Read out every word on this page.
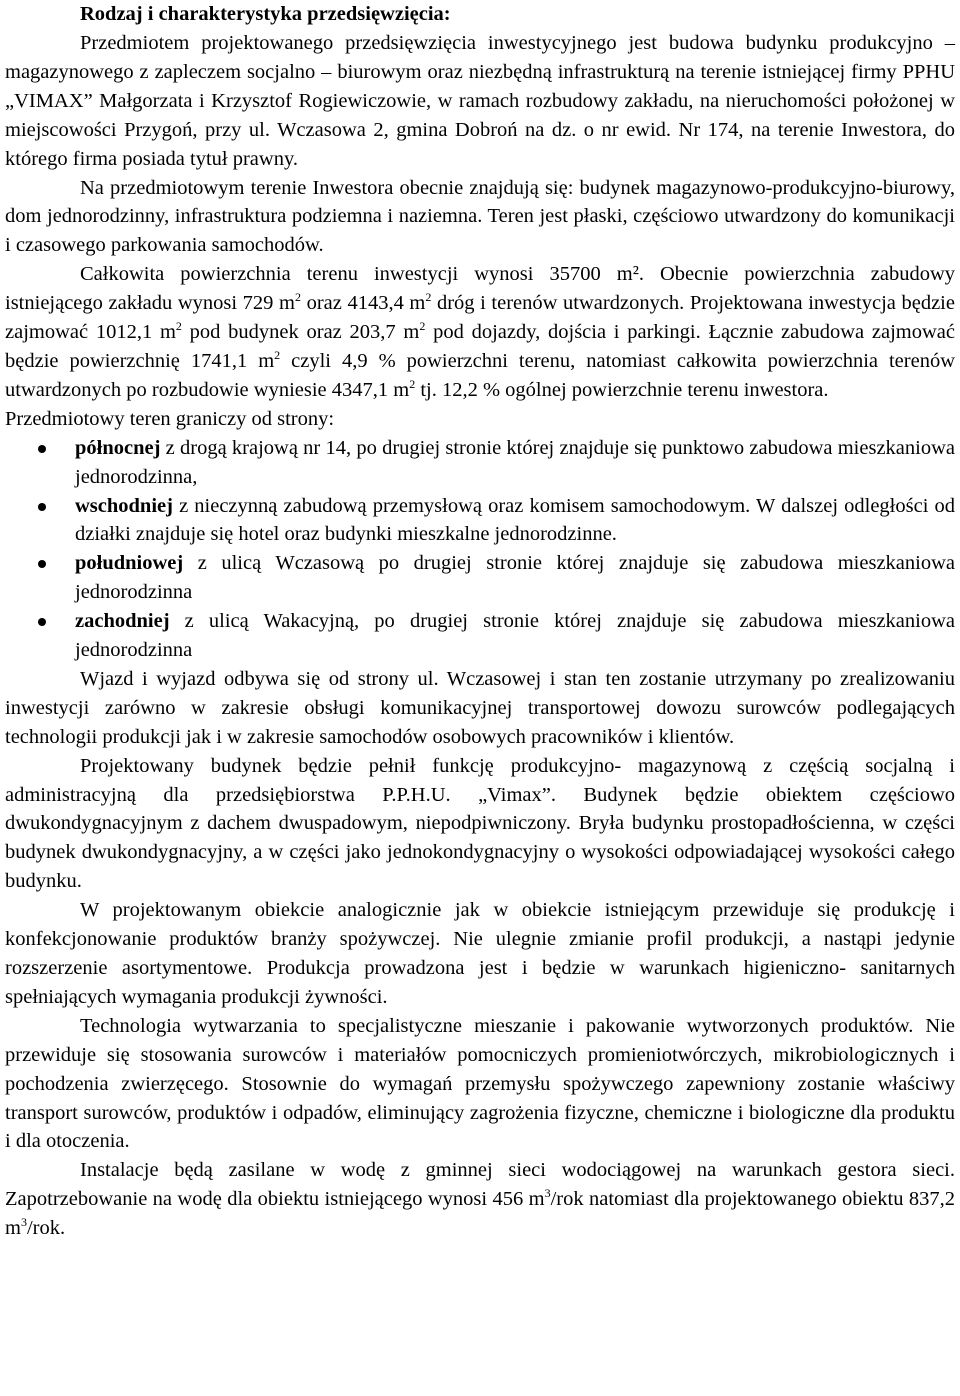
Rodzaj i charakterystyka przedsięwzięcia:

Przedmiotem projektowanego przedsięwzięcia inwestycyjnego jest budowa budynku produkcyjno – magazynowego z zapleczem socjalno – biurowym oraz niezbędną infrastrukturą na terenie istniejącej firmy PPHU „VIMAX” Małgorzata i Krzysztof Rogiewiczowie, w ramach rozbudowy zakładu, na nieruchomości położonej w miejscowości Przygoń, przy ul. Wczasowa 2, gmina Dobroń na dz. o nr ewid. Nr 174, na terenie Inwestora, do którego firma posiada tytuł prawny.

Na przedmiotowym terenie Inwestora obecnie znajdują się: budynek magazynowo-produkcyjno-biurowy, dom jednorodzinny, infrastruktura podziemna i naziemna. Teren jest płaski, częściowo utwardzony do komunikacji i czasowego parkowania samochodów.

Całkowita powierzchnia terenu inwestycji wynosi 35700 m². Obecnie powierzchnia zabudowy istniejącego zakładu wynosi 729 $m^2$ oraz 4143,4 $m^2$ dróg i terenów utwardzonych. Projektowana inwestycja będzie zajmować 1012,1 $m^2$ pod budynek oraz 203,7 $m^2$ pod dojazdy, dojścia i parkingi. Łącznie zabudowa zajmować będzie powierzchnię 1741,1 $m^2$ czyli 4,9 % powierzchni terenu, natomiast całkowita powierzchnia terenów utwardzonych po rozbudowie wyniesie 4347,1 $m^2$ tj. 12,2 % ogólnej powierzchnie terenu inwestora.

Przedmiotowy teren graniczy od strony:

północnej z drogą krajową nr 14, po drugiej stronie której znajduje się punktowo zabudowa mieszkaniowa jednorodzinna,
wschodniej z nieczynną zabudową przemysłową oraz komisem samochodowym. W dalszej odległości od działki znajduje się hotel oraz budynki mieszkalne jednorodzinne.
południowej z ulicą Wczasową po drugiej stronie której znajduje się zabudowa mieszkaniowa jednorodzinna
zachodniej z ulicą Wakacyjną, po drugiej stronie której znajduje się zabudowa mieszkaniowa jednorodzinna

Wjazd i wyjazd odbywa się od strony ul. Wczasowej i stan ten zostanie utrzymany po zrealizowaniu inwestycji zarówno w zakresie obsługi komunikacyjnej transportowej dowozu surowców podlegających technologii produkcji jak i w zakresie samochodów osobowych pracowników i klientów.

Projektowany budynek będzie pełnił funkcję produkcyjno- magazynową z częścią socjalną i administracyjną dla przedsiębiorstwa P.P.H.U. „Vimax”. Budynek będzie obiektem częściowo dwukondygnacyjnym z dachem dwuspadowym, niepodpiwniczony. Bryła budynku prostopadłościenna, w części budynek dwukondygnacyjny, a w części jako jednokondygnacyjny o wysokości odpowiadającej wysokości całego budynku.

W projektowanym obiekcie analogicznie jak w obiekcie istniejącym przewiduje się produkcję i konfekcjonowanie produktów branży spożywczej. Nie ulegnie zmianie profil produkcji, a nastąpi jedynie rozszerzenie asortymentowe. Produkcja prowadzona jest i będzie w warunkach higieniczno- sanitarnych spełniających wymagania produkcji żywności.

Technologia wytwarzania to specjalistyczne mieszanie i pakowanie wytworzonych produktów. Nie przewiduje się stosowania surowców i materiałów pomocniczych promieniotwórczych, mikrobiologicznych i pochodzenia zwierzęcego. Stosownie do wymagań przemysłu spożywczego zapewniony zostanie właściwy transport surowców, produktów i odpadów, eliminujący zagrożenia fizyczne, chemiczne i biologiczne dla produktu i dla otoczenia.

Instalacje będą zasilane w wodę z gminnej sieci wodociągowej na warunkach gestora sieci. Zapotrzebowanie na wodę dla obiektu istniejącego wynosi 456 $m^3$/rok natomiast dla projektowanego obiektu 837,2 $m^3$/rok.
